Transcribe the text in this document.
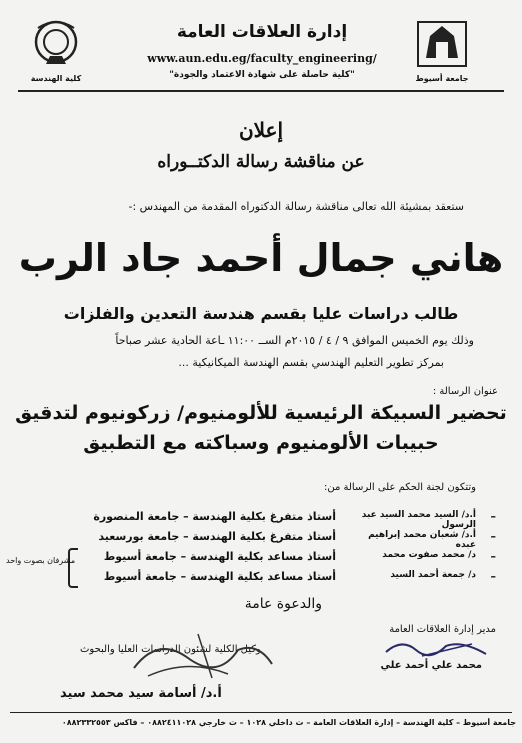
إدارة العلاقات العامة
www.aun.edu.eg/faculty_engineering/
"كلية حاصلة على شهادة الاعتماد والجودة"
كلية الهندسة	جامعة أسيوط
إعلان
عن مناقشة رسالة الدكتــوراه
ستعقد بمشيئة الله تعالى مناقشة رسالة الدكتوراه المقدمة من المهندس :-
هاني جمال أحمد جاد الرب
طالب دراسات عليا بقسم هندسة التعدين والفلزات
وذلك يوم الخميس الموافق ٩ / ٤ / ٢٠١٥م الســ ١١:٠٠ ـاعة الحادية عشر صباحاً
بمركز تطوير التعليم الهندسي بقسم الهندسة الميكانيكية ...
عنوان الرسالة :
تحضير السبيكة الرئيسية للألومنيوم/ زركونيوم لتدقيق
حبيبات الألومنيوم وسباكته مع التطبيق
وتتكون لجنة الحكم على الرسالة من:
–
أ.د/ السيد محمد السيد عبد الرسول
أستاذ متفرغ بكلية الهندسة – جامعة المنصورة
–
أ.د/ شعبان محمد إبراهيم عبده
أستاذ متفرغ بكلية الهندسة – جامعة بورسعيد
–
د/ محمد صفوت محمد
أستاذ مساعد بكلية الهندسة – جامعة أسيوط
–
د/ جمعة أحمد السيد
أستاذ مساعد بكلية الهندسة – جامعة أسيوط
مشرفان بصوت واحد
والدعوة عامة
مدير إدارة العلاقات العامة
محمد علي أحمد علي
وكيل الكلية لشئون الدراسات العليا والبحوث
أ.د/ أسامة سيد محمد سيد
جامعة أسيوط – كلية الهندسة – إدارة العلاقات العامة – ت داخلي ١٠٢٨ – ت خارجي ٠٨٨٢٤١١٠٢٨ – فاكس ٠٨٨٢٣٣٢٥٥٣
